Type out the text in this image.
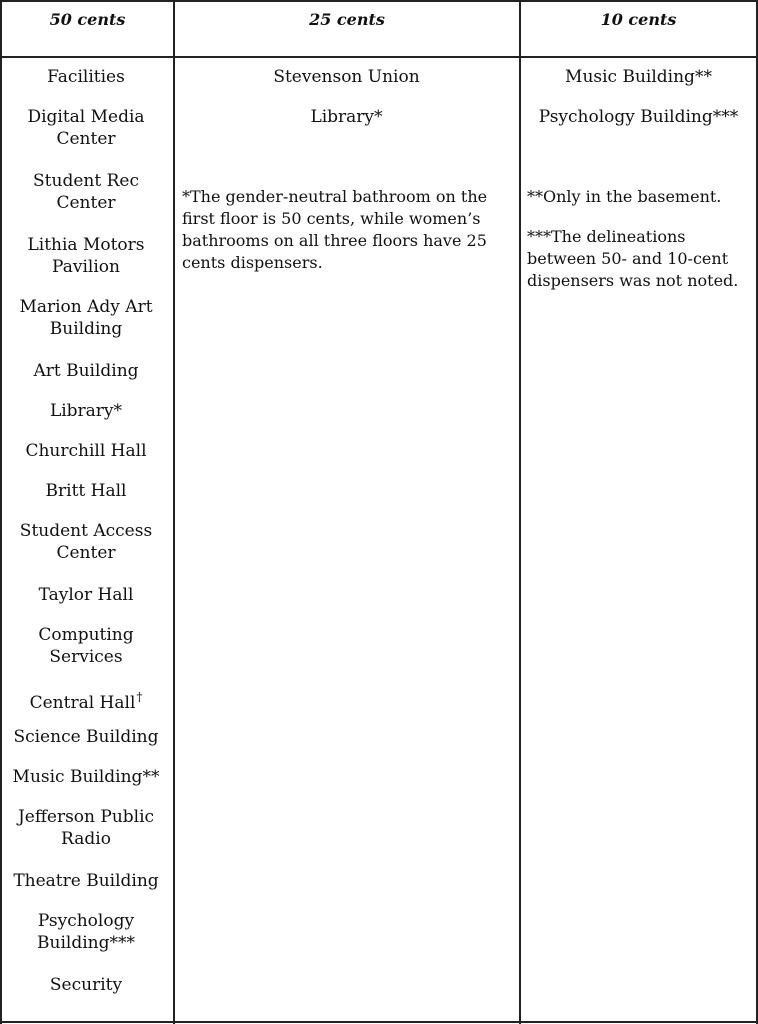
50 cents	25 cents	10 cents
Facilities
Digital Media Center
Student Rec Center
Lithia Motors Pavilion
Marion Ady Art Building
Art Building
Library*
Churchill Hall
Britt Hall
Student Access Center
Taylor Hall
Computing Services
Central Hall†
Science Building
Music Building**
Jefferson Public Radio
Theatre Building
Psychology Building***
Security
Stevenson Union
Library*
*The gender-neutral bathroom on the first floor is 50 cents, while women’s bathrooms on all three floors have 25 cents dispensers.
Music Building**
Psychology Building***
**Only in the basement.
***The delineations between 50- and 10-cent dispensers was not noted.
